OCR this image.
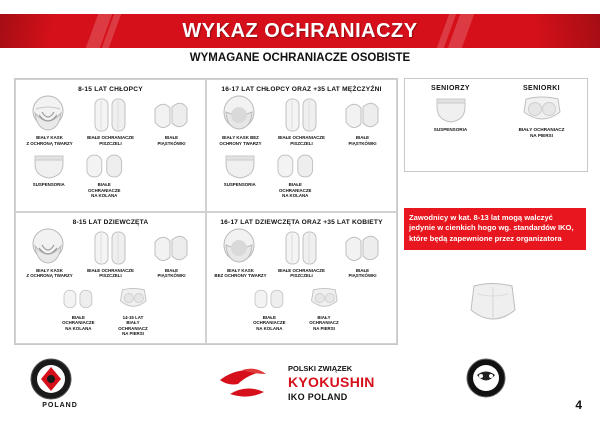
WYKAZ OCHRANIACZY
WYMAGANE OCHRANIACZE OSOBISTE
8-15 LAT CHŁOPCY
BIAŁY KASK
Z OCHRONĄ TWARZY
BIAŁE OCHRANIACZE
PISZCZELI
BIAŁE
PIĄSTKÓWKI
SUSPENSORIA	BIAŁE OCHRANIACZE
NA KOLANA
16-17 LAT CHŁOPCY ORAZ +35 LAT MĘŻCZYŹNI
BIAŁY KASK BEZ
OCHRONY TWARZY
BIAŁE OCHRANIACZE
PISZCZELI
BIAŁE
PIĄSTKÓWKI
SUSPENSORIA	BIAŁE OCHRANIACZE
NA KOLANA
8-15 LAT DZIEWCZĘTA
BIAŁY KASK
Z OCHRONĄ TWARZY
BIAŁE OCHRANIACZE
PISZCZELI
BIAŁE
PIĄSTKÓWKI
BIAŁE OCHRANIACZE
NA KOLANA
14-15 LAT
BIAŁY OCHRANIACZ
NA PIERSI
16-17 LAT DZIEWCZĘTA ORAZ +35 LAT KOBIETY
BIAŁY KASK
BEZ OCHRONY TWARZY
BIAŁE OCHRANIACZE
PISZCZELI
BIAŁE
PIĄSTKÓWKI
BIAŁE OCHRANIACZE
NA KOLANA
BIAŁY OCHRANIACZ
NA PIERSI
SENIORZY
SUSPENSORIA
SENIORKI
BIAŁY OCHRANIACZ
NA PIERSI
Zawodnicy w kat. 8-13 lat mogą walczyć jedynie w cienkich hogo wg. standardów IKO, które będą zapewnione przez organizatora
POLAND
POLSKI ZWIĄZEK
KYOKUSHIN
IKO POLAND
4
